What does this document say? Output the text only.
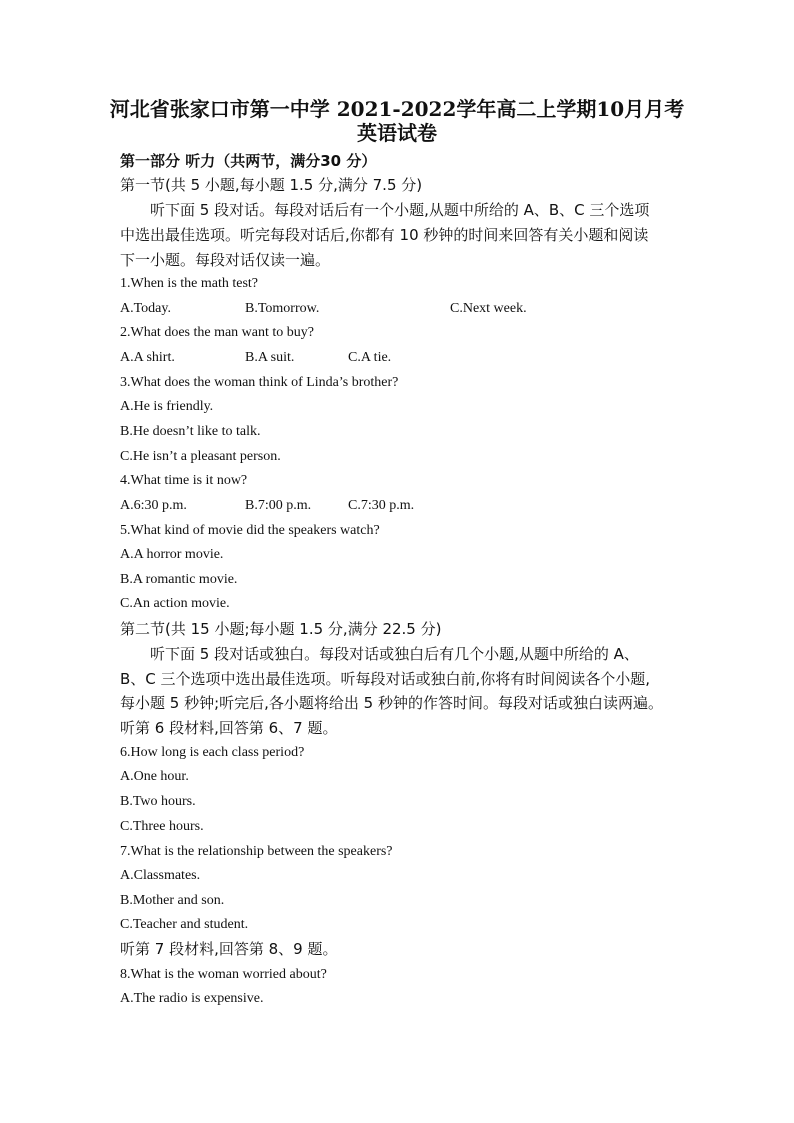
河北省张家口市第一中学 2021-2022学年高二上学期10月月考
英语试卷
第一部分 听力（共两节，满分30 分）
第一节(共 5 小题,每小题 1.5 分,满分 7.5 分)
听下面 5 段对话。每段对话后有一个小题,从题中所给的 A、B、C 三个选项
中选出最佳选项。听完每段对话后,你都有 10 秒钟的时间来回答有关小题和阅读
下一小题。每段对话仅读一遍。
1.When is the math test?
A.Today.	B.Tomorrow.	C.Next week.
2.What does the man want to buy?
A.A shirt.	B.A suit.	C.A tie.
3.What does the woman think of Linda’s brother?
A.He is friendly.
B.He doesn’t like to talk.
C.He isn’t a pleasant person.
4.What time is it now?
A.6:30 p.m.	B.7:00 p.m.	C.7:30 p.m.
5.What kind of movie did the speakers watch?
A.A horror movie.
B.A romantic movie.
C.An action movie.
第二节(共 15 小题;每小题 1.5 分,满分 22.5 分)
听下面 5 段对话或独白。每段对话或独白后有几个小题,从题中所给的 A、
B、C 三个选项中选出最佳选项。听每段对话或独白前,你将有时间阅读各个小题,
每小题 5 秒钟;听完后,各小题将给出 5 秒钟的作答时间。每段对话或独白读两遍。
听第 6 段材料,回答第 6、7 题。
6.How long is each class period?
A.One hour.
B.Two hours.
C.Three hours.
7.What is the relationship between the speakers?
A.Classmates.
B.Mother and son.
C.Teacher and student.
听第 7 段材料,回答第 8、9 题。
8.What is the woman worried about?
A.The radio is expensive.
